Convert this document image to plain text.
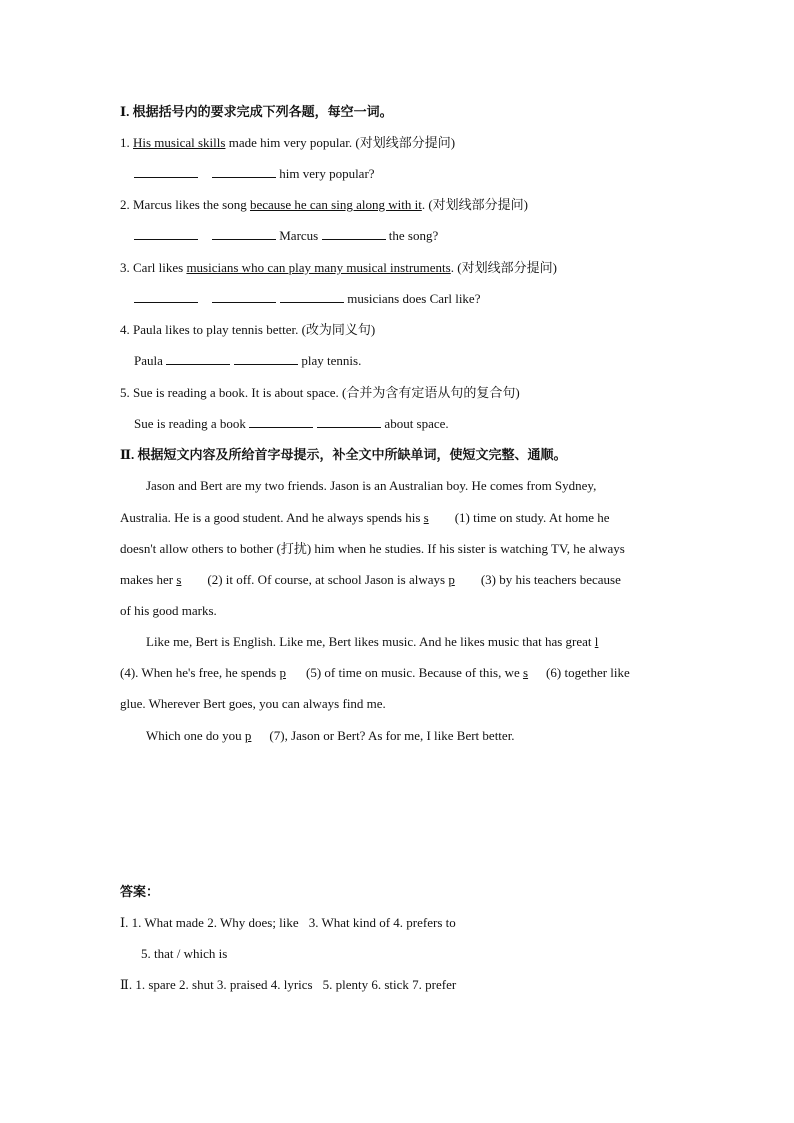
Ⅰ. 根据括号内的要求完成下列各题，每空一词。
1. His musical skills made him very popular. (对划线部分提问)
him very popular?
2. Marcus likes the song because he can sing along with it. (对划线部分提问)
Marcus	the song?
3. Carl likes musicians who can play many musical instruments. (对划线部分提问)
musicians does Carl like?
4. Paula likes to play tennis better. (改为同义句)
Paula	play tennis.
5. Sue is reading a book. It is about space. (合并为含有定语从句的复合句)
Sue is reading a book	about space.
Ⅱ. 根据短文内容及所给首字母提示，补全文中所缺单词，使短文完整、通顺。
Jason and Bert are my two friends. Jason is an Australian boy. He comes from Sydney,
Australia. He is a good student. And he always spends his s (1) time on study. At home he
doesn't allow others to bother (打扰) him when he studies. If his sister is watching TV, he always
makes her s (2) it off. Of course, at school Jason is always p (3) by his teachers because
of his good marks.
Like me, Bert is English. Like me, Bert likes music. And he likes music that has great l
(4). When he's free, he spends p (5) of time on music. Because of this, we s (6) together like
glue. Wherever Bert goes, you can always find me.
Which one do you p (7), Jason or Bert? As for me, I like Bert better.
答案：
Ⅰ. 1. What made 2. Why does; like 3. What kind of 4. prefers to
5. that / which is
Ⅱ. 1. spare 2. shut 3. praised 4. lyrics 5. plenty 6. stick 7. prefer
